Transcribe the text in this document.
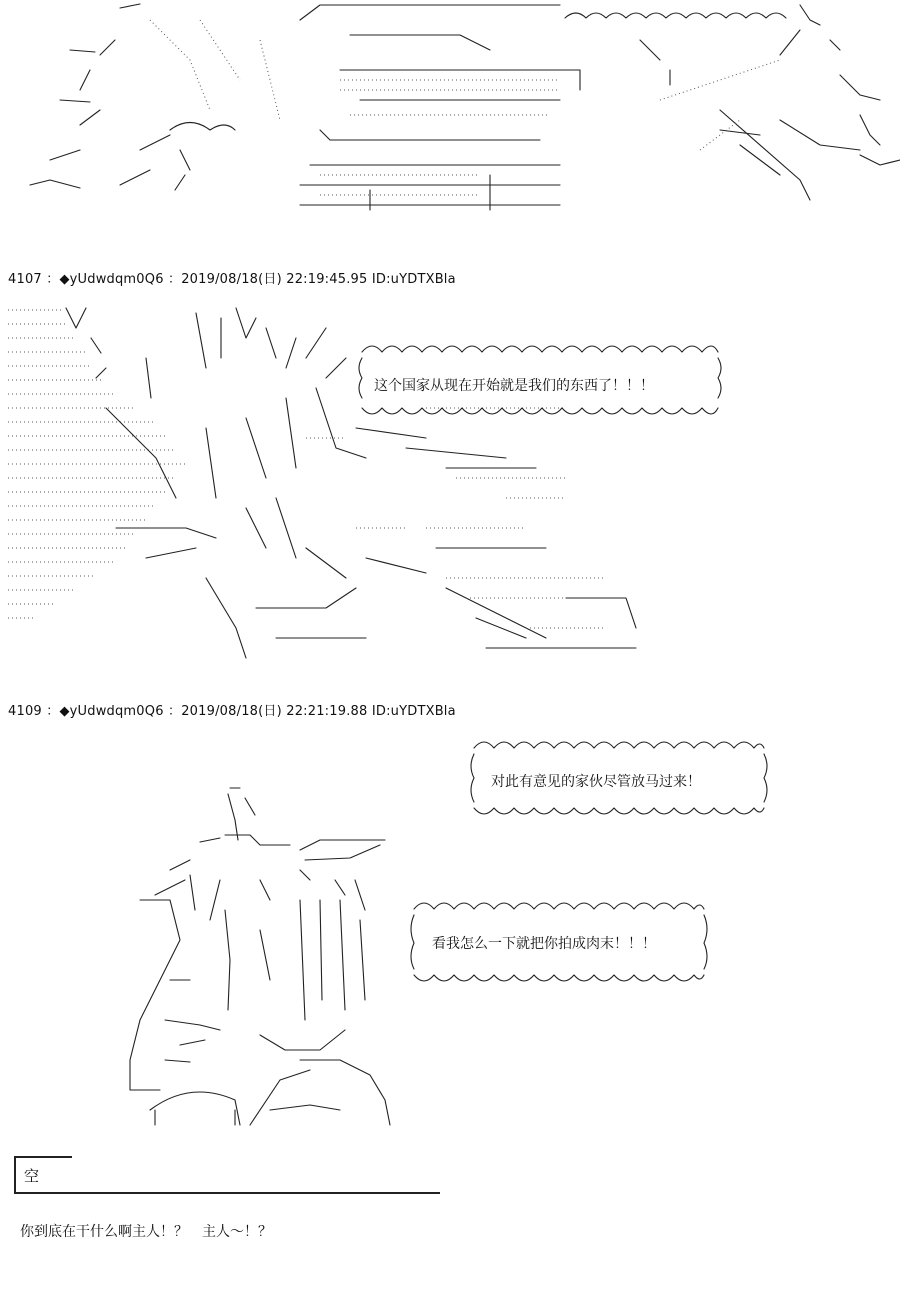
4107 ：◆yUdwdqm0Q6 ：2019/08/18(日) 22:19:45.95 ID:uYDTXBla
这个国家从现在开始就是我们的东西了！！！
4109 ：◆yUdwdqm0Q6 ：2019/08/18(日) 22:21:19.88 ID:uYDTXBla
对此有意见的家伙尽管放马过来！
看我怎么一下就把你拍成肉末！！！
空
你到底在干什么啊主人！？　主人～！？
